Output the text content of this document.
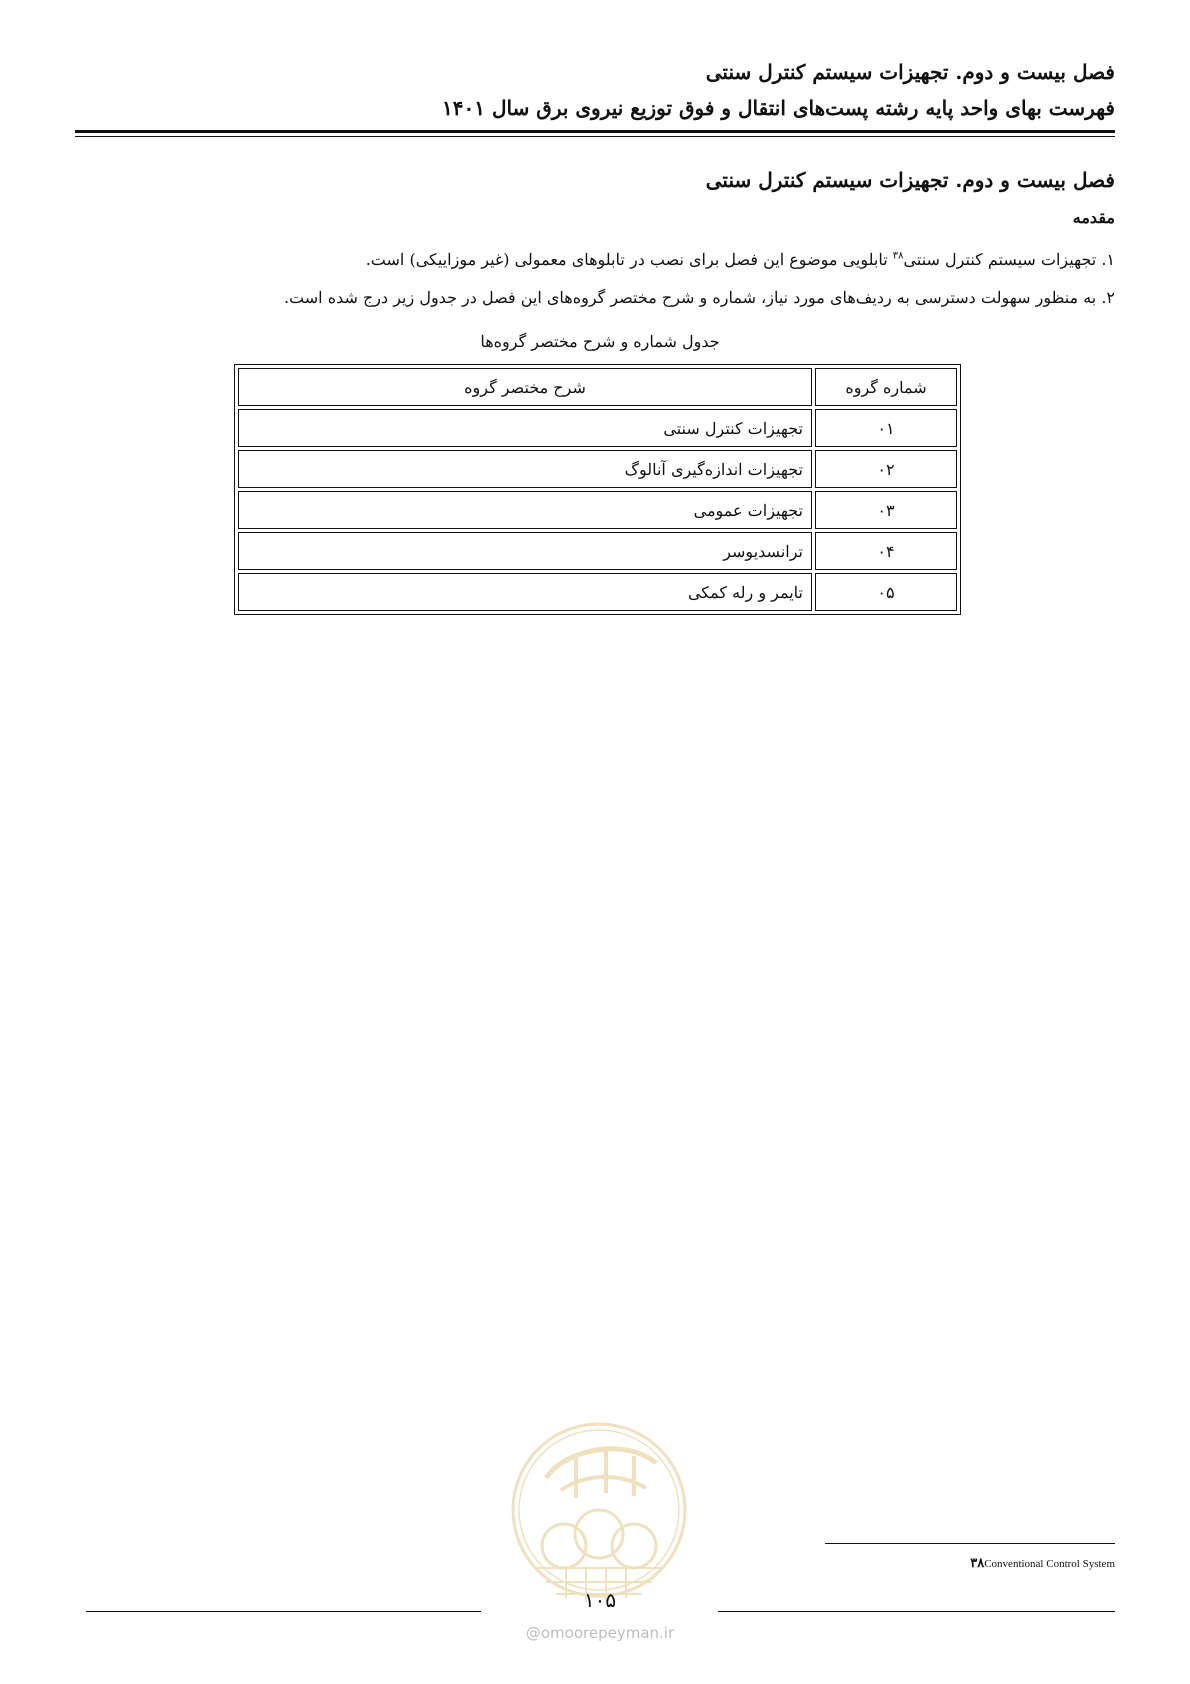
فصل بیست و دوم. تجهیزات سیستم کنترل سنتی
فهرست بهای واحد پایه رشته پست‌های انتقال و فوق توزیع نیروی برق سال ۱۴۰۱
فصل بیست و دوم. تجهیزات سیستم کنترل سنتی
مقدمه
۱. تجهیزات سیستم کنترل سنتی$^{۳۸}$ تابلویی موضوع این فصل برای نصب در تابلوهای معمولی (غیر موزاییکی) است.
۲. به منظور سهولت دسترسی به ردیف‌های مورد نیاز، شماره و شرح مختصر گروه‌های این فصل در جدول زیر درج شده است.
جدول شماره و شرح مختصر گروه‌ها
شماره گروه	شرح مختصر گروه
۰۱	تجهیزات کنترل سنتی
۰۲	تجهیزات اندازه‌گیری آنالوگ
۰۳	تجهیزات عمومی
۰۴	ترانسدیوسر
۰۵	تایمر و رله کمکی
۳۸Conventional Control System
۱۰۵
@omoorepeyman.ir
